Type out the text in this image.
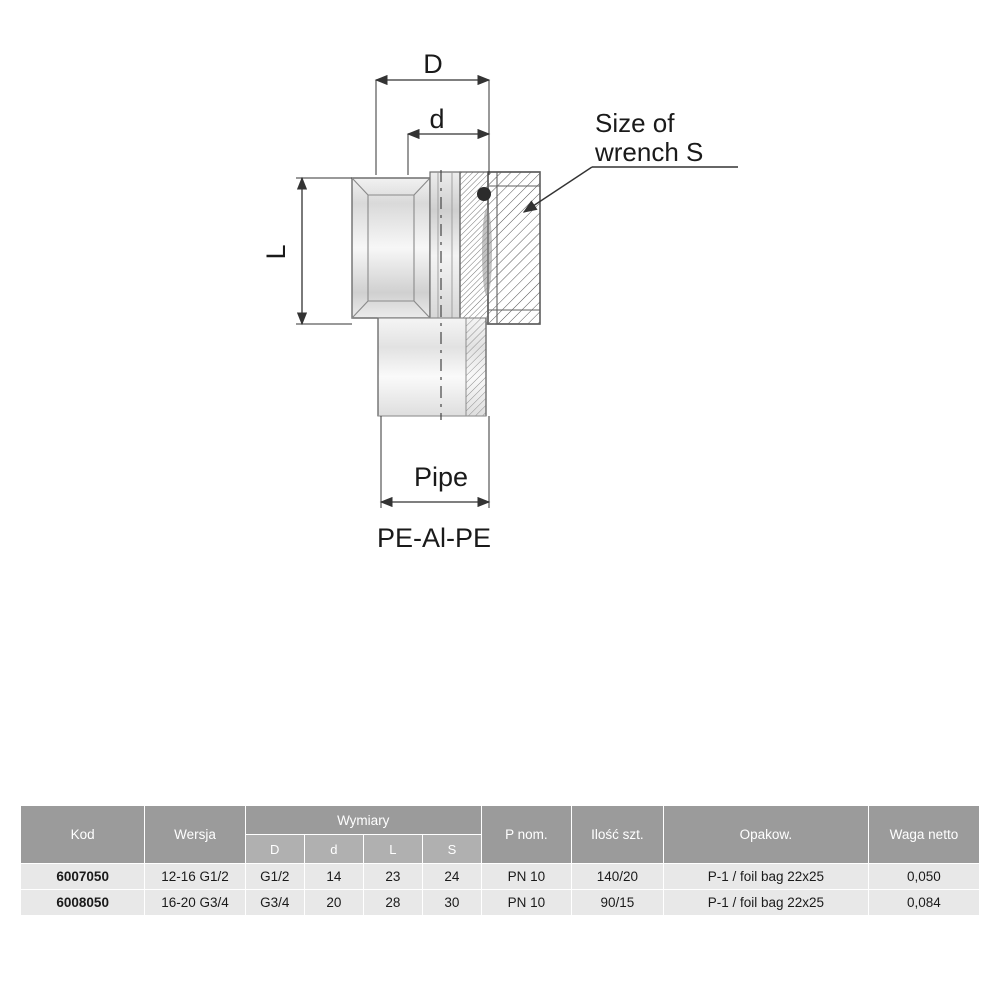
D
d
L
Size of
wrench S
Pipe
PE-Al-PE
Kod	Wersja	Wymiary				P nom.	Ilość szt.	Opakow.	Waga netto
		D	d	L	S				
6007050	12-16 G1/2	G1/2	14	23	24	PN 10	140/20	P-1 / foil bag 22x25	0,050
6008050	16-20 G3/4	G3/4	20	28	30	PN 10	90/15	P-1 / foil bag 22x25	0,084
